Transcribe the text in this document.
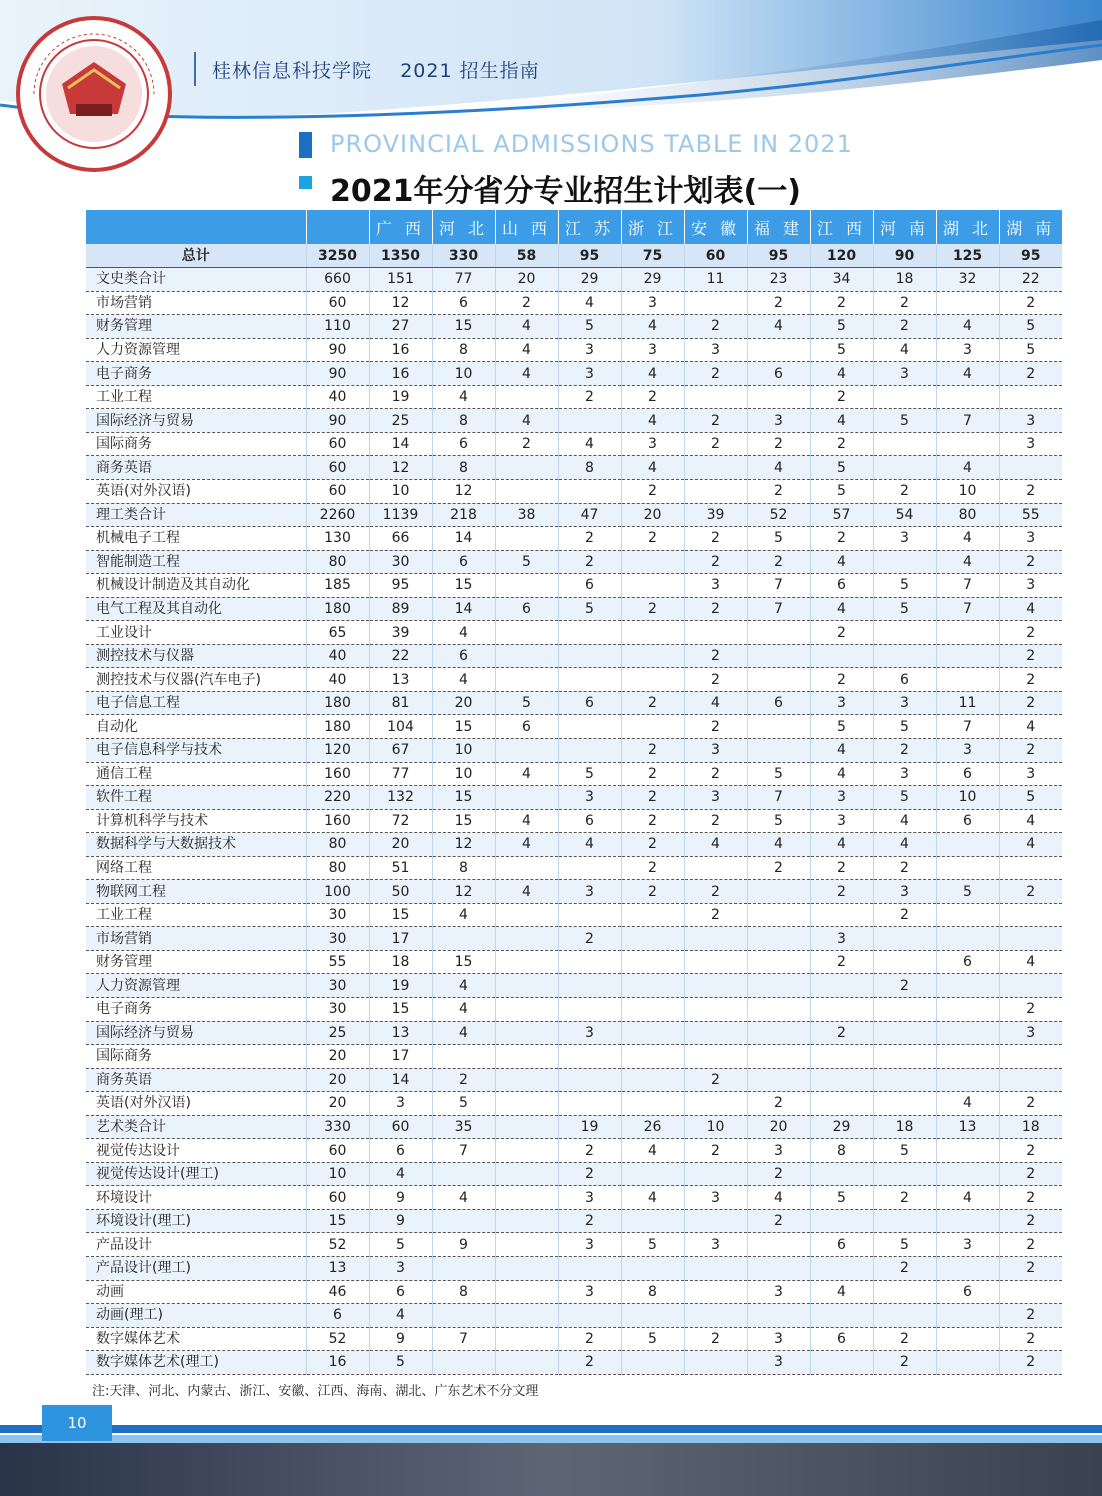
桂林信息科技学院 2021 招生指南
PROVINCIAL ADMISSIONS TABLE IN 2021
2021年分省分专业招生计划表(一)
		广 西	河 北	山 西	江 苏	浙 江	安 徽	福 建	江 西	河 南	湖 北	湖 南
总计	3250	1350	330	58	95	75	60	95	120	90	125	95
文史类合计	660	151	77	20	29	29	11	23	34	18	32	22
市场营销	60	12	6	2	4	3		2	2	2		2
财务管理	110	27	15	4	5	4	2	4	5	2	4	5
人力资源管理	90	16	8	4	3	3	3		5	4	3	5
电子商务	90	16	10	4	3	4	2	6	4	3	4	2
工业工程	40	19	4		2	2			2			
国际经济与贸易	90	25	8	4		4	2	3	4	5	7	3
国际商务	60	14	6	2	4	3	2	2	2			3
商务英语	60	12	8		8	4		4	5		4	
英语(对外汉语)	60	10	12			2		2	5	2	10	2
理工类合计	2260	1139	218	38	47	20	39	52	57	54	80	55
机械电子工程	130	66	14		2	2	2	5	2	3	4	3
智能制造工程	80	30	6	5	2		2	2	4		4	2
机械设计制造及其自动化	185	95	15		6		3	7	6	5	7	3
电气工程及其自动化	180	89	14	6	5	2	2	7	4	5	7	4
工业设计	65	39	4						2			2
测控技术与仪器	40	22	6				2					2
测控技术与仪器(汽车电子)	40	13	4				2		2	6		2
电子信息工程	180	81	20	5	6	2	4	6	3	3	11	2
自动化	180	104	15	6			2		5	5	7	4
电子信息科学与技术	120	67	10			2	3		4	2	3	2
通信工程	160	77	10	4	5	2	2	5	4	3	6	3
软件工程	220	132	15		3	2	3	7	3	5	10	5
计算机科学与技术	160	72	15	4	6	2	2	5	3	4	6	4
数据科学与大数据技术	80	20	12	4	4	2	4	4	4	4		4
网络工程	80	51	8			2		2	2	2		
物联网工程	100	50	12	4	3	2	2		2	3	5	2
工业工程	30	15	4				2			2		
市场营销	30	17			2				3			
财务管理	55	18	15						2		6	4
人力资源管理	30	19	4							2		
电子商务	30	15	4									2
国际经济与贸易	25	13	4		3				2			3
国际商务	20	17										
商务英语	20	14	2				2					
英语(对外汉语)	20	3	5					2			4	2
艺术类合计	330	60	35		19	26	10	20	29	18	13	18
视觉传达设计	60	6	7		2	4	2	3	8	5		2
视觉传达设计(理工)	10	4			2			2				2
环境设计	60	9	4		3	4	3	4	5	2	4	2
环境设计(理工)	15	9			2			2				2
产品设计	52	5	9		3	5	3		6	5	3	2
产品设计(理工)	13	3								2		2
动画	46	6	8		3	8		3	4		6	
动画(理工)	6	4										2
数字媒体艺术	52	9	7		2	5	2	3	6	2		2
数字媒体艺术(理工)	16	5			2			3		2		2
注:天津、河北、内蒙古、浙江、安徽、江西、海南、湖北、广东艺术不分文理
10
